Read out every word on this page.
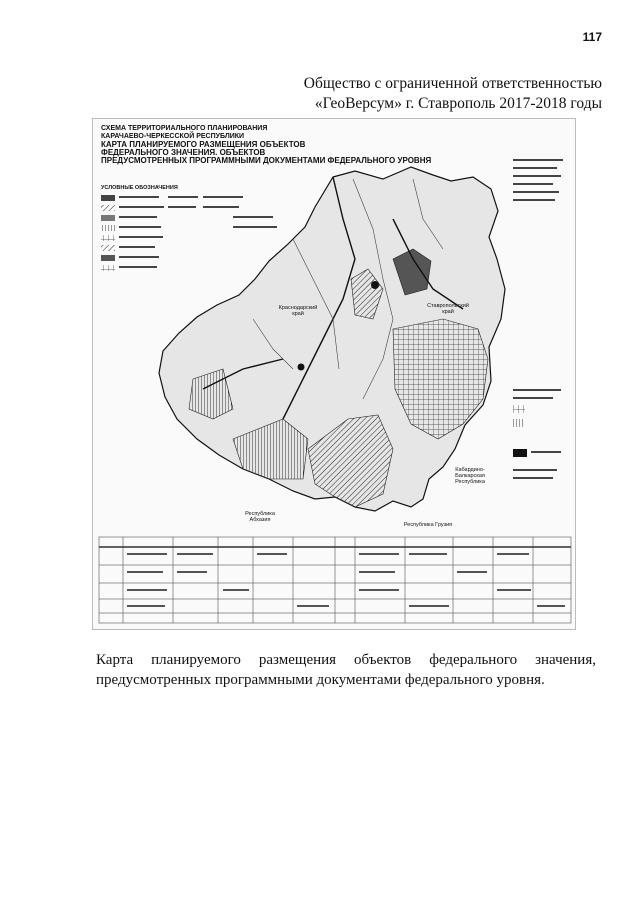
117
Общество с ограниченной ответственностью
«ГеоВерсум» г. Ставрополь 2017-2018 годы
СХЕМА ТЕРРИТОРИАЛЬНОГО ПЛАНИРОВАНИЯ
КАРАЧАЕВО-ЧЕРКЕССКОЙ РЕСПУБЛИКИ
КАРТА ПЛАНИРУЕМОГО РАЗМЕЩЕНИЯ ОБЪЕКТОВ
ФЕДЕРАЛЬНОГО ЗНАЧЕНИЯ. ОБЪЕКТОВ
ПРЕДУСМОТРЕННЫХ ПРОГРАММНЫМИ ДОКУМЕНТАМИ ФЕДЕРАЛЬНОГО УРОВНЯ
УСЛОВНЫЕ ОБОЗНАЧЕНИЯ
Краснодарский край
Ставропольский край
Кабардино-Балкарская Республика
Республика Абхазия
Республика Грузия
Карта планируемого размещения объектов федерального значения, предусмотренных программными документами федерального уровня.
